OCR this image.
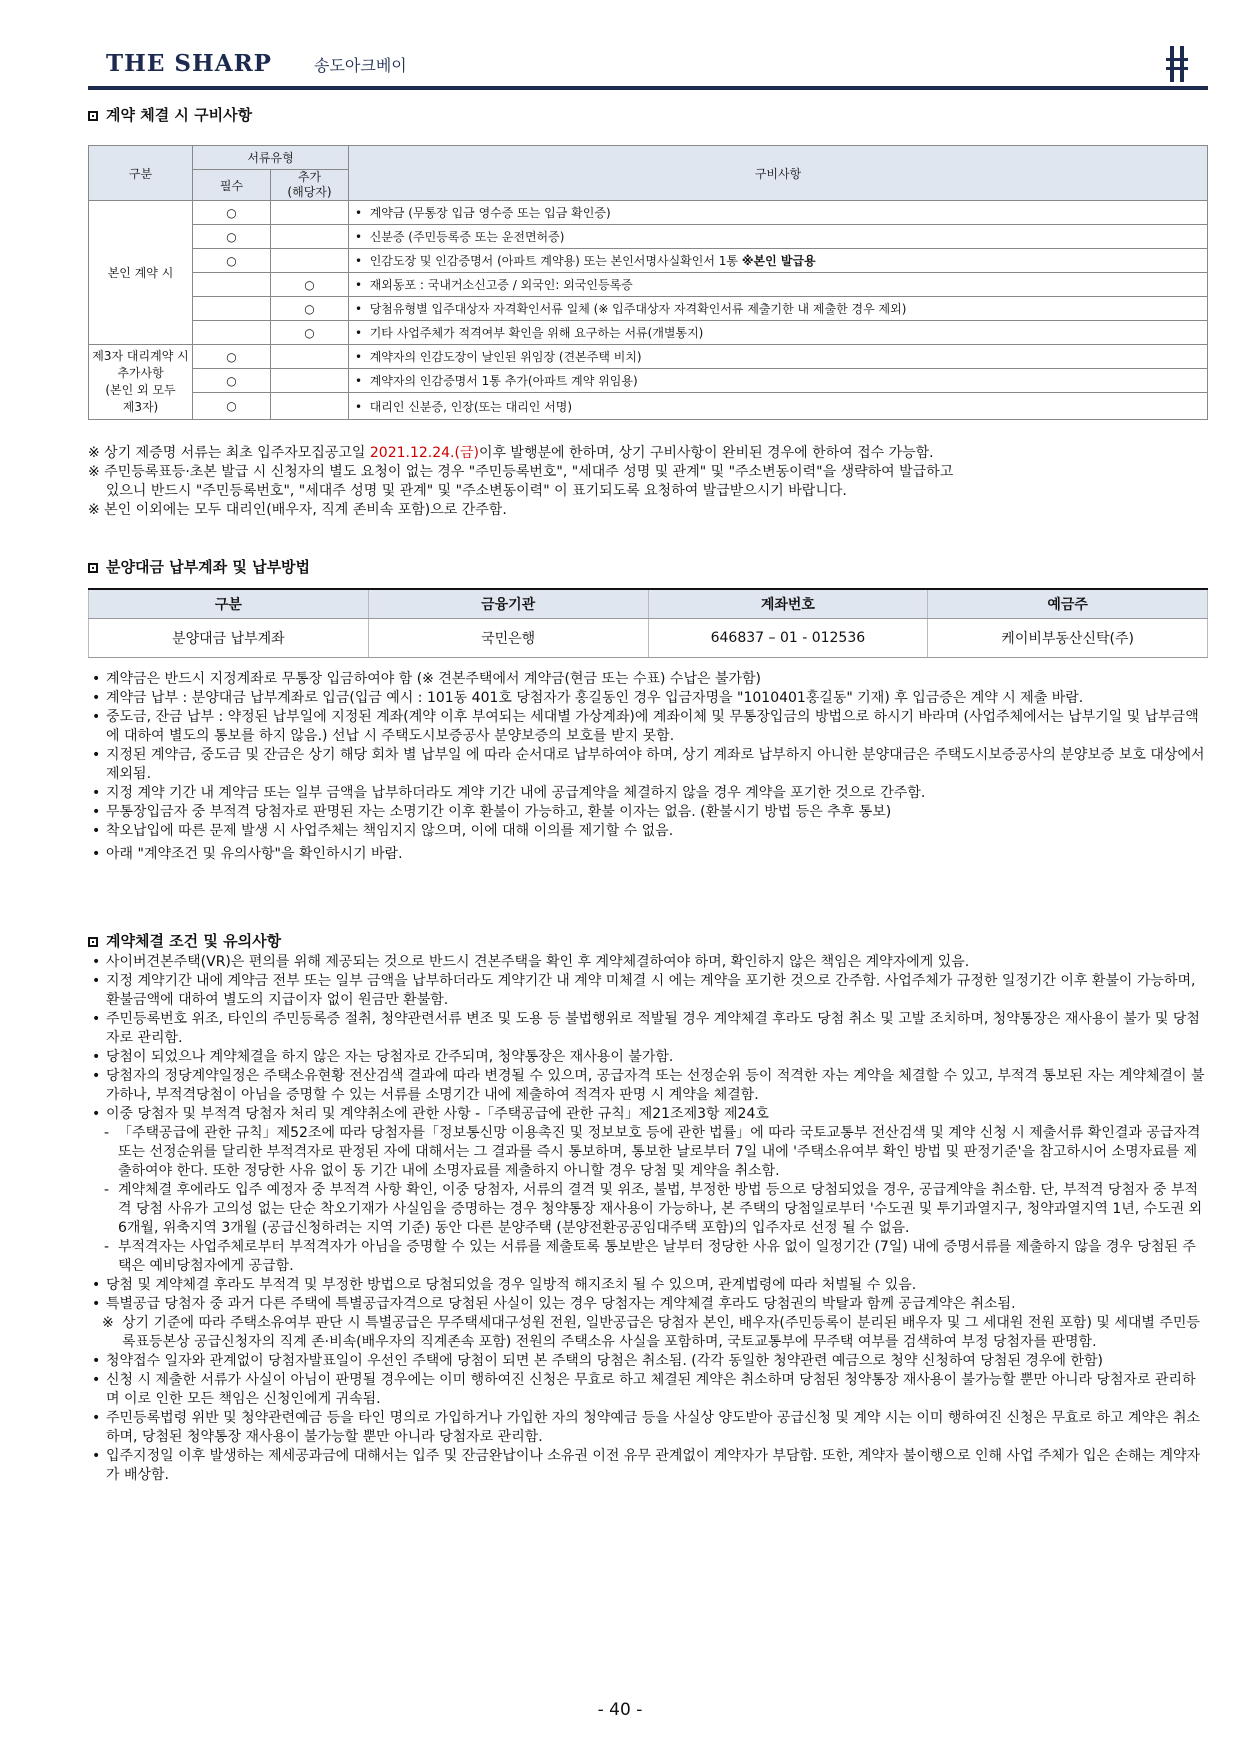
THE SHARP	송도아크베이
계약 체결 시 구비사항
구분	서류유형		구비사항
	필수	추가
(해당자)	
본인 계약 시	○		•  계약금 (무통장 입금 영수증 또는 입금 확인증)
	○		•  신분증 (주민등록증 또는 운전면허증)
	○		•  인감도장 및 인감증명서 (아파트 계약용) 또는 본인서명사실확인서 1통 ※본인 발급용
		○	•  재외동포 : 국내거소신고증 / 외국인: 외국인등록증
		○	•  당첨유형별 입주대상자 자격확인서류 일체 (※ 입주대상자 자격확인서류 제출기한 내 제출한 경우 제외)
		○	•  기타 사업주체가 적격여부 확인을 위해 요구하는 서류(개별통지)
제3자 대리계약 시
추가사항
(본인 외 모두
제3자)	○		•  계약자의 인감도장이 날인된 위임장 (견본주택 비치)
	○		•  계약자의 인감증명서 1통 추가(아파트 계약 위임용)
	○		•  대리인 신분증, 인장(또는 대리인 서명)

※ 상기 제증명 서류는 최초 입주자모집공고일 2021.12.24.(금)이후 발행분에 한하며, 상기 구비사항이 완비된 경우에 한하여 접수 가능함.

※ 주민등록표등·초본 발급 시 신청자의 별도 요청이 없는 경우 "주민등록번호", "세대주 성명 및 관계" 및 "주소변동이력"을 생략하여 발급하고
있으니 반드시 "주민등록번호", "세대주 성명 및 관계" 및 "주소변동이력" 이 표기되도록 요청하여 발급받으시기 바랍니다.

※ 본인 이외에는 모두 대리인(배우자, 직계 존비속 포함)으로 간주함.

분양대금 납부계좌 및 납부방법
구분	금융기관	계좌번호	예금주
분양대금 납부계좌	국민은행	646837 – 01 - 012536	케이비부동산신탁(주)
• 계약금은 반드시 지정계좌로 무통장 입금하여야 함 (※ 견본주택에서 계약금(현금 또는 수표) 수납은 불가함)
• 계약금 납부 : 분양대금 납부계좌로 입금(입금 예시 : 101동 401호 당첨자가 홍길동인 경우 입금자명을 "1010401홍길동" 기재) 후 입금증은 계약 시 제출 바람.
• 중도금, 잔금 납부 : 약정된 납부일에 지정된 계좌(계약 이후 부여되는 세대별 가상계좌)에 계좌이체 및 무통장입금의 방법으로 하시기 바라며 (사업주체에서는 납부기일 및 납부금액에 대하여 별도의 통보를 하지 않음.) 선납 시 주택도시보증공사 분양보증의 보호를 받지 못함.
• 지정된 계약금, 중도금 및 잔금은 상기 해당 회차 별 납부일 에 따라 순서대로 납부하여야 하며, 상기 계좌로 납부하지 아니한 분양대금은 주택도시보증공사의 분양보증 보호 대상에서 제외됨.
• 지정 계약 기간 내 계약금 또는 일부 금액을 납부하더라도 계약 기간 내에 공급계약을 체결하지 않을 경우 계약을 포기한 것으로 간주함.
• 무통장입금자 중 부적격 당첨자로 판명된 자는 소명기간 이후 환불이 가능하고, 환불 이자는 없음. (환불시기 방법 등은 추후 통보)
• 착오납입에 따른 문제 발생 시 사업주체는 책임지지 않으며, 이에 대해 이의를 제기할 수 없음.
• 아래 "계약조건 및 유의사항"을 확인하시기 바람.
계약체결 조건 및 유의사항
• 사이버견본주택(VR)은 편의를 위해 제공되는 것으로 반드시 견본주택을 확인 후 계약체결하여야 하며, 확인하지 않은 책임은 계약자에게 있음.
• 지정 계약기간 내에 계약금 전부 또는 일부 금액을 납부하더라도 계약기간 내 계약 미체결 시 에는 계약을 포기한 것으로 간주함. 사업주체가 규정한 일정기간 이후 환불이 가능하며, 환불금액에 대하여 별도의 지급이자 없이 원금만 환불함.
• 주민등록번호 위조, 타인의 주민등록증 절취, 청약관련서류 변조 및 도용 등 불법행위로 적발될 경우 계약체결 후라도 당첨 취소 및 고발 조치하며, 청약통장은 재사용이 불가 및 당첨자로 관리함.
• 당첨이 되었으나 계약체결을 하지 않은 자는 당첨자로 간주되며, 청약통장은 재사용이 불가함.
• 당첨자의 정당계약일정은 주택소유현황 전산검색 결과에 따라 변경될 수 있으며, 공급자격 또는 선정순위 등이 적격한 자는 계약을 체결할 수 있고, 부적격 통보된 자는 계약체결이 불가하나, 부적격당첨이 아님을 증명할 수 있는 서류를 소명기간 내에 제출하여 적격자 판명 시 계약을 체결함.
• 이중 당첨자 및 부적격 당첨자 처리 및 계약취소에 관한 사항 -「주택공급에 관한 규칙」제21조제3항 제24호
- 「주택공급에 관한 규칙」제52조에 따라 당첨자를「정보통신망 이용촉진 및 정보보호 등에 관한 법률」에 따라 국토교통부 전산검색 및 계약 신청 시 제출서류 확인결과 공급자격 또는 선정순위를 달리한 부적격자로 판정된 자에 대해서는 그 결과를 즉시 통보하며, 통보한 날로부터 7일 내에 '주택소유여부 확인 방법 및 판정기준'을 참고하시어 소명자료를 제출하여야 한다. 또한 정당한 사유 없이 동 기간 내에 소명자료를 제출하지 아니할 경우 당첨 및 계약을 취소함.
- 계약체결 후에라도 입주 예정자 중 부적격 사항 확인, 이중 당첨자, 서류의 결격 및 위조, 불법, 부정한 방법 등으로 당첨되었을 경우, 공급계약을 취소함. 단, 부적격 당첨자 중 부적격 당첨 사유가 고의성 없는 단순 착오기재가 사실임을 증명하는 경우 청약통장 재사용이 가능하나, 본 주택의 당첨일로부터 '수도권 및 투기과열지구, 청약과열지역 1년, 수도권 외 6개월, 위축지역 3개월 (공급신청하려는 지역 기준) 동안 다른 분양주택 (분양전환공공임대주택 포함)의 입주자로 선정 될 수 없음.
- 부적격자는 사업주체로부터 부적격자가 아님을 증명할 수 있는 서류를 제출토록 통보받은 날부터 정당한 사유 없이 일정기간 (7일) 내에 증명서류를 제출하지 않을 경우 당첨된 주택은 예비당첨자에게 공급함.
• 당첨 및 계약체결 후라도 부적격 및 부정한 방법으로 당첨되었을 경우 일방적 해지조치 될 수 있으며, 관계법령에 따라 처벌될 수 있음.
• 특별공급 당첨자 중 과거 다른 주택에 특별공급자격으로 당첨된 사실이 있는 경우 당첨자는 계약체결 후라도 당첨권의 박탈과 함께 공급계약은 취소됨.
※ 상기 기준에 따라 주택소유여부 판단 시 특별공급은 무주택세대구성원 전원, 일반공급은 당첨자 본인, 배우자(주민등록이 분리된 배우자 및 그 세대원 전원 포함) 및 세대별 주민등록표등본상 공급신청자의 직계 존·비속(배우자의 직계존속 포함) 전원의 주택소유 사실을 포함하며, 국토교통부에 무주택 여부를 검색하여 부정 당첨자를 판명함.
• 청약접수 일자와 관계없이 당첨자발표일이 우선인 주택에 당첨이 되면 본 주택의 당첨은 취소됨. (각각 동일한 청약관련 예금으로 청약 신청하여 당첨된 경우에 한함)
• 신청 시 제출한 서류가 사실이 아님이 판명될 경우에는 이미 행하여진 신청은 무효로 하고 체결된 계약은 취소하며 당첨된 청약통장 재사용이 불가능할 뿐만 아니라 당첨자로 관리하며 이로 인한 모든 책임은 신청인에게 귀속됨.
• 주민등록법령 위반 및 청약관련예금 등을 타인 명의로 가입하거나 가입한 자의 청약예금 등을 사실상 양도받아 공급신청 및 계약 시는 이미 행하여진 신청은 무효로 하고 계약은 취소하며, 당첨된 청약통장 재사용이 불가능할 뿐만 아니라 당첨자로 관리함.
• 입주지정일 이후 발생하는 제세공과금에 대해서는 입주 및 잔금완납이나 소유권 이전 유무 관계없이 계약자가 부담함. 또한, 계약자 불이행으로 인해 사업 주체가 입은 손해는 계약자가 배상함.
- 40 -
